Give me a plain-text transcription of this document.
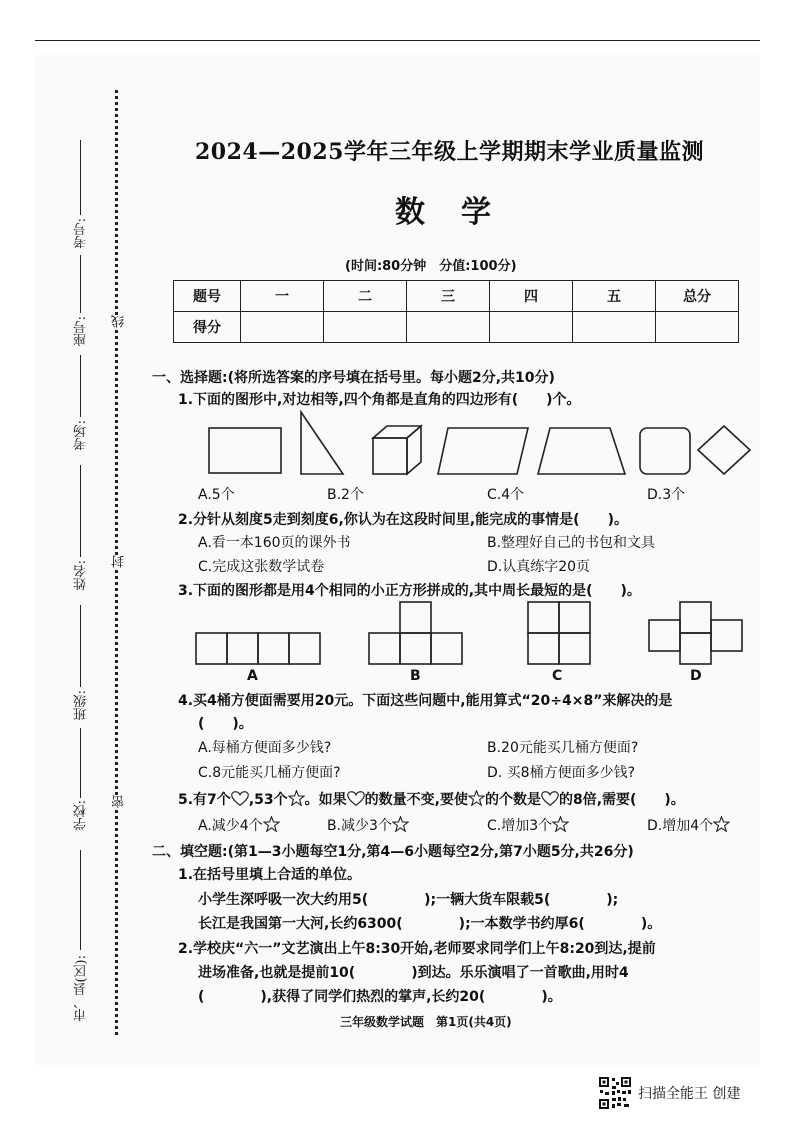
线
封
密
考号:
座号:
考场:
姓名:
班级:
学校:
市、县(区):
2024—2025学年三年级上学期期末学业质量监测
数学
(时间:80分钟　分值:100分)
题号	一	二	三	四	五	总分
得分						
一、选择题:(将所选答案的序号填在括号里。每小题2分,共10分)
1.下面的图形中,对边相等,四个角都是直角的四边形有(　　)个。
A.5个	B.2个	C.4个	D.3个
2.分针从刻度5走到刻度6,你认为在这段时间里,能完成的事情是(　　)。
A.看一本160页的课外书	B.整理好自己的书包和文具
C.完成这张数学试卷	D.认真练字20页
3.下面的图形都是用4个相同的小正方形拼成的,其中周长最短的是(　　)。
A	B	C	D
4.买4桶方便面需要用20元。下面这些问题中,能用算式“20÷4×8”来解决的是
(　　)。
A.每桶方便面多少钱?	B.20元能买几桶方便面?
C.8元能买几桶方便面?	D. 买8桶方便面多少钱?
5.有7个 ,53个 。如果 的数量不变,要使 的个数是 的8倍,需要(　　)。
A.减少4个	B.减少3个	C.增加3个	D.增加4个
二、填空题:(第1—3小题每空1分,第4—6小题每空2分,第7小题5分,共26分)
1.在括号里填上合适的单位。
小学生深呼吸一次大约用5(　　　　);一辆大货车限载5(　　　　);
长江是我国第一大河,长约6300(　　　　);一本数学书约厚6(　　　　)。
2.学校庆“六一”文艺演出上午8:30开始,老师要求同学们上午8:20到达,提前
进场准备,也就是提前10(　　　　)到达。乐乐演唱了一首歌曲,用时4
(　　　　),获得了同学们热烈的掌声,长约20(　　　　)。
三年级数学试题　第1页(共4页)
扫描全能王 创建
